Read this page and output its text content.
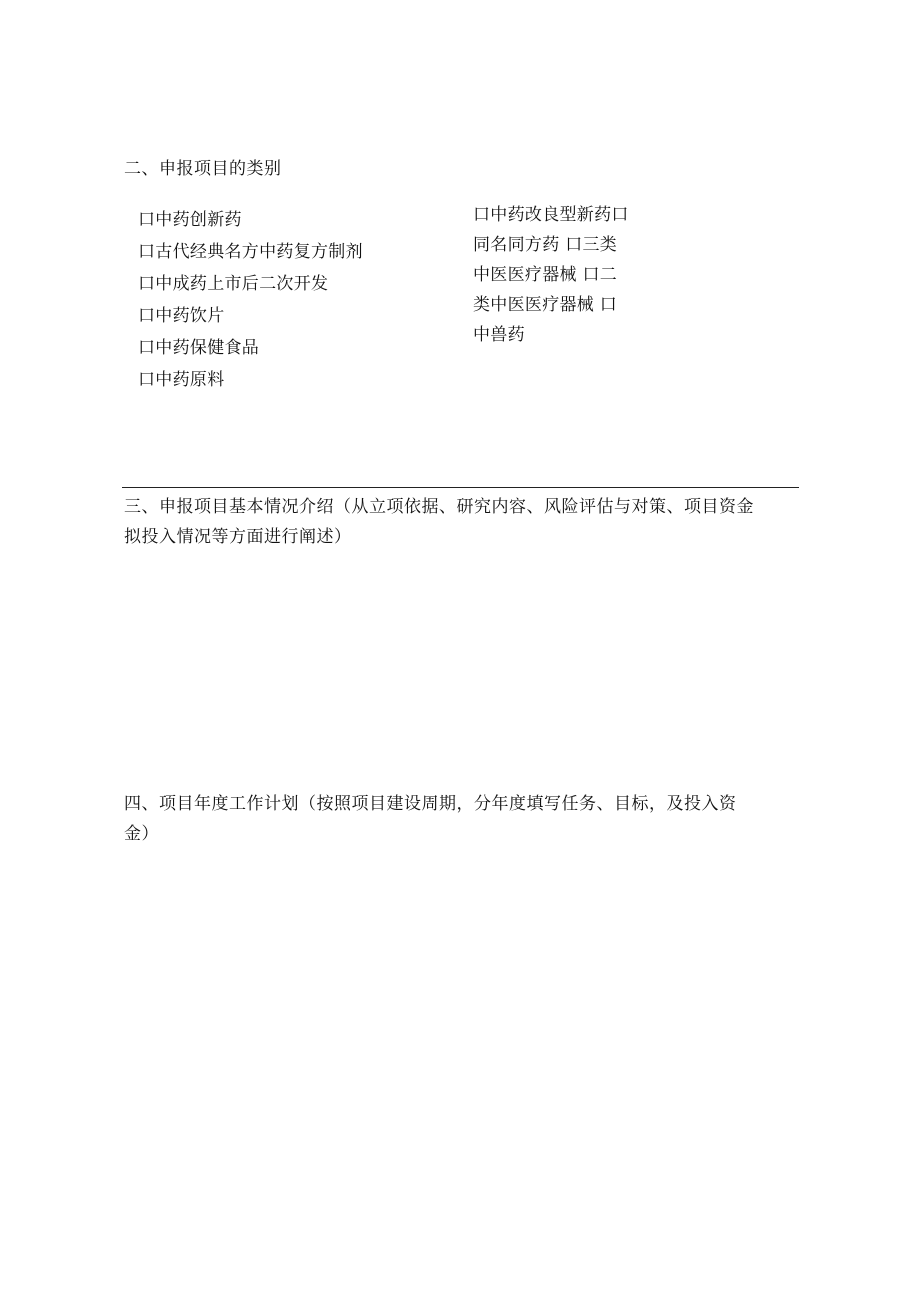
二、申报项目的类别
口中药创新药
口古代经典名方中药复方制剂
口中成药上市后二次开发
口中药饮片
口中药保健食品
口中药原料
口中药改良型新药口
同名同方药 口三类
中医医疗器械 口二
类中医医疗器械 口
中兽药
三、申报项目基本情况介绍（从立项依据、研究内容、风险评估与对策、项目资金
拟投入情况等方面进行阐述）
四、项目年度工作计划（按照项目建设周期，分年度填写任务、目标，及投入资
金）
